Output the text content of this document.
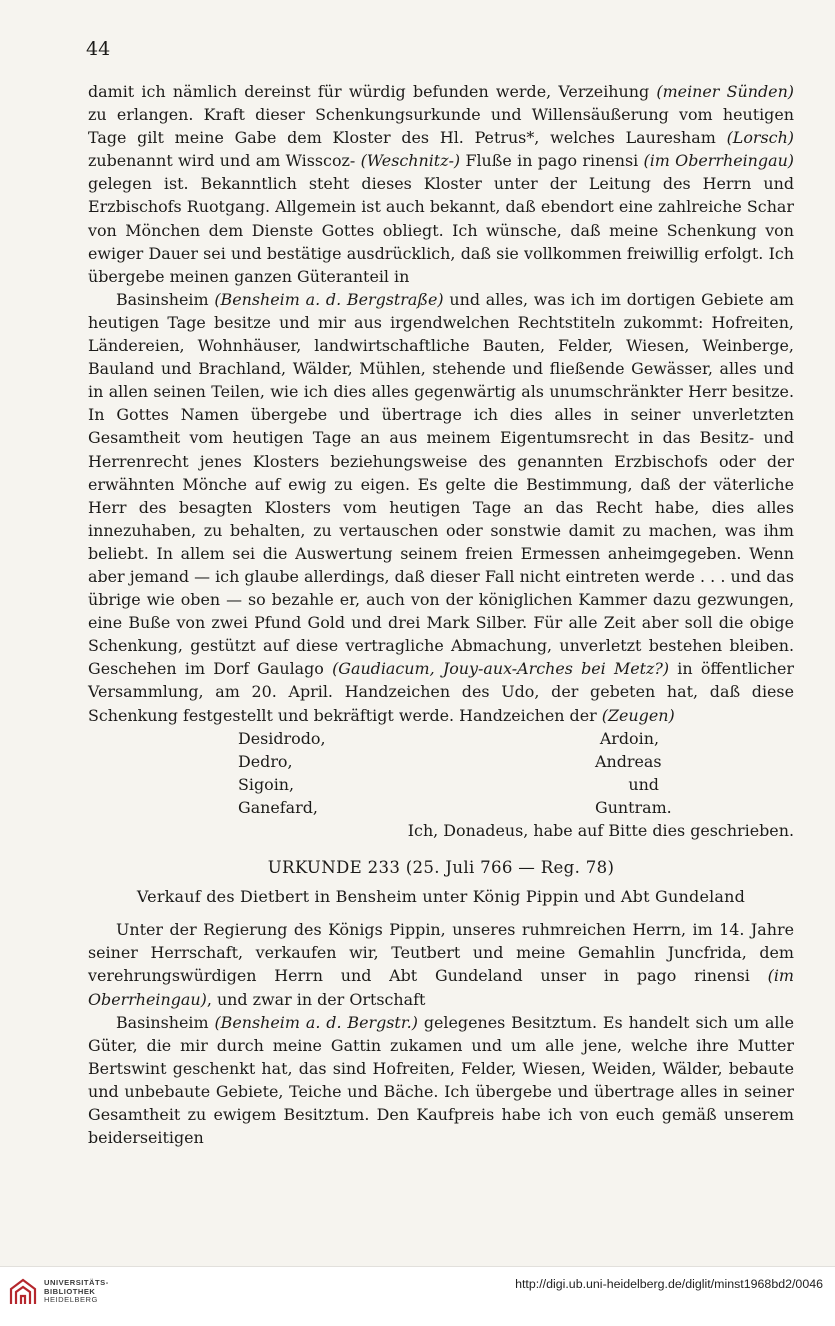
44

damit ich nämlich dereinst für würdig befunden werde, Verzeihung (meiner Sünden) zu erlangen. Kraft dieser Schenkungsurkunde und Willensäußerung vom heutigen Tage gilt meine Gabe dem Kloster des Hl. Petrus*, welches Lauresham (Lorsch) zubenannt wird und am Wisscoz- (Weschnitz-) Fluße in pago rinensi (im Oberrheingau) gelegen ist. Bekanntlich steht dieses Kloster unter der Leitung des Herrn und Erzbischofs Ruotgang. Allgemein ist auch bekannt, daß ebendort eine zahlreiche Schar von Mönchen dem Dienste Gottes obliegt. Ich wünsche, daß meine Schenkung von ewiger Dauer sei und bestätige ausdrücklich, daß sie vollkommen freiwillig erfolgt. Ich übergebe meinen ganzen Güteranteil in

Basinsheim (Bensheim a. d. Bergstraße) und alles, was ich im dortigen Gebiete am heutigen Tage besitze und mir aus irgendwelchen Rechtstiteln zukommt: Hofreiten, Ländereien, Wohnhäuser, landwirtschaftliche Bauten, Felder, Wiesen, Weinberge, Bauland und Brachland, Wälder, Mühlen, stehende und fließende Gewässer, alles und in allen seinen Teilen, wie ich dies alles gegenwärtig als unumschränkter Herr besitze. In Gottes Namen übergebe und übertrage ich dies alles in seiner unverletzten Gesamtheit vom heutigen Tage an aus meinem Eigentumsrecht in das Besitz- und Herrenrecht jenes Klosters beziehungsweise des genannten Erzbischofs oder der erwähnten Mönche auf ewig zu eigen. Es gelte die Bestimmung, daß der väterliche Herr des besagten Klosters vom heutigen Tage an das Recht habe, dies alles innezuhaben, zu behalten, zu vertauschen oder sonstwie damit zu machen, was ihm beliebt. In allem sei die Auswertung seinem freien Ermessen anheimgegeben. Wenn aber jemand — ich glaube allerdings, daß dieser Fall nicht eintreten werde . . . und das übrige wie oben — so bezahle er, auch von der königlichen Kammer dazu gezwungen, eine Buße von zwei Pfund Gold und drei Mark Silber. Für alle Zeit aber soll die obige Schenkung, gestützt auf diese vertragliche Abmachung, unverletzt bestehen bleiben. Geschehen im Dorf Gaulago (Gaudiacum, Jouy-aux-Arches bei Metz?) in öffentlicher Versammlung, am 20. April. Handzeichen des Udo, der gebeten hat, daß diese Schenkung festgestellt und bekräftigt werde. Handzeichen der (Zeugen)

Desidrodo,	Ardoin,
Dedro,	Andreas
Sigoin,	und
Ganefard,	Guntram.

Ich, Donadeus, habe auf Bitte dies geschrieben.

URKUNDE 233 (25. Juli 766 — Reg. 78)
Verkauf des Dietbert in Bensheim unter König Pippin und Abt Gundeland

Unter der Regierung des Königs Pippin, unseres ruhmreichen Herrn, im 14. Jahre seiner Herrschaft, verkaufen wir, Teutbert und meine Gemahlin Juncfrida, dem verehrungswürdigen Herrn und Abt Gundeland unser in pago rinensi (im Oberrheingau), und zwar in der Ortschaft

Basinsheim (Bensheim a. d. Bergstr.) gelegenes Besitztum. Es handelt sich um alle Güter, die mir durch meine Gattin zukamen und um alle jene, welche ihre Mutter Bertswint geschenkt hat, das sind Hofreiten, Felder, Wiesen, Weiden, Wälder, bebaute und unbebaute Gebiete, Teiche und Bäche. Ich übergebe und übertrage alles in seiner Gesamtheit zu ewigem Besitztum. Den Kaufpreis habe ich von euch gemäß unserem beiderseitigen

UNIVERSITÄTS-
BIBLIOTHEK
HEIDELBERG
http://digi.ub.uni-heidelberg.de/diglit/minst1968bd2/0046
